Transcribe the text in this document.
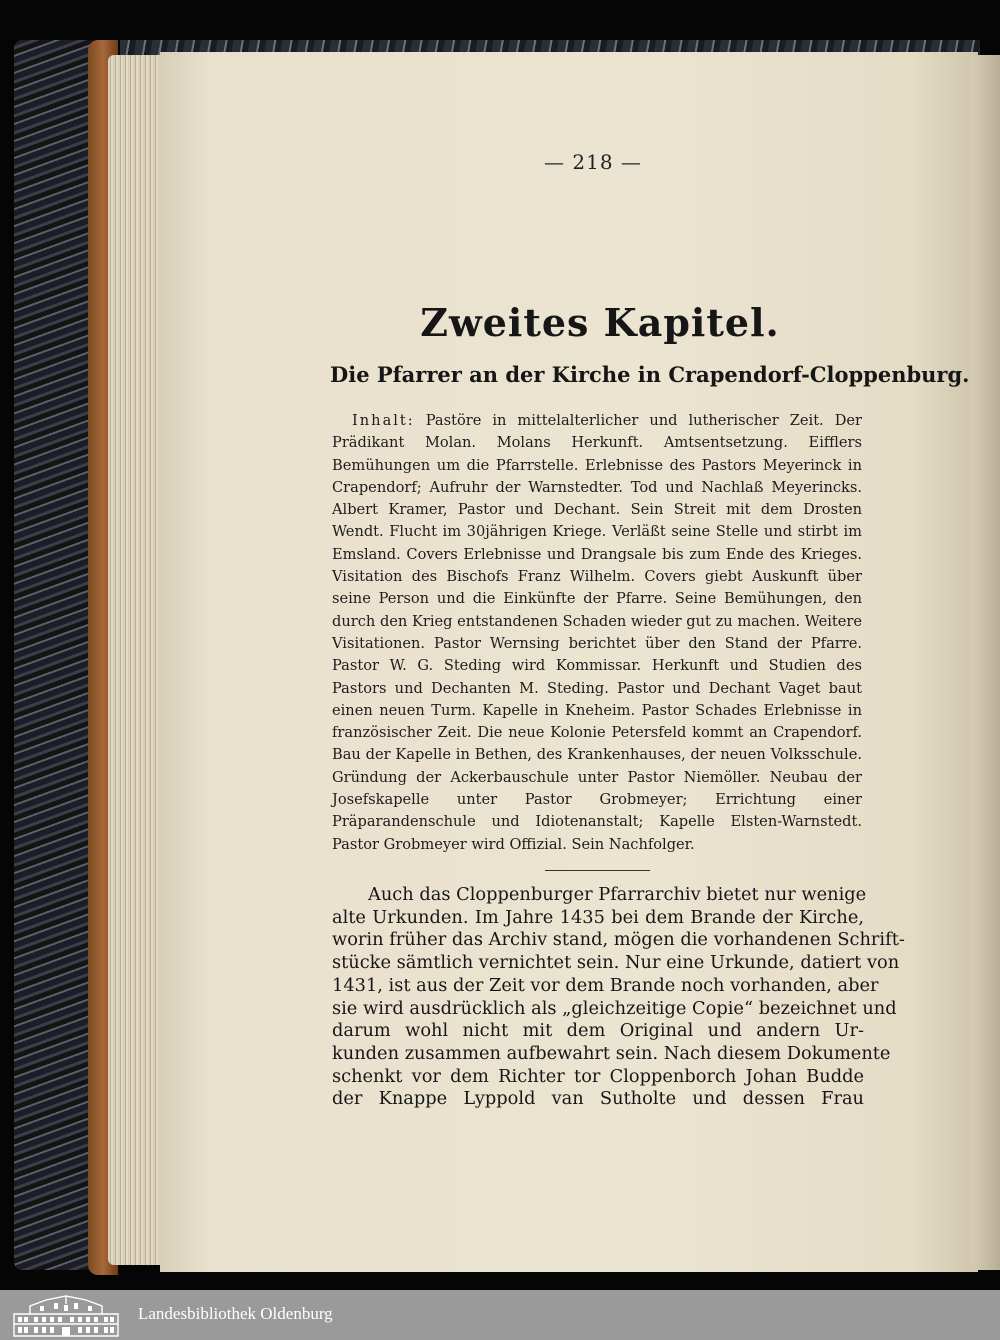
— 218 —
Zweites Kapitel.
Die Pfarrer an der Kirche in Crapendorf-Cloppenburg.
Inhalt: Pastöre in mittelalterlicher und lutherischer Zeit. Der Prädikant Molan. Molans Herkunft. Amtsentsetzung. Eifflers Bemühungen um die Pfarrstelle. Erlebnisse des Pastors Meyerinck in Crapendorf; Aufruhr der Warnstedter. Tod und Nachlaß Meyerincks. Albert Kramer, Pastor und Dechant. Sein Streit mit dem Drosten Wendt. Flucht im 30jährigen Kriege. Verläßt seine Stelle und stirbt im Emsland. Covers Erlebnisse und Drangsale bis zum Ende des Krieges. Visitation des Bischofs Franz Wilhelm. Covers giebt Auskunft über seine Person und die Einkünfte der Pfarre. Seine Bemühungen, den durch den Krieg entstandenen Schaden wieder gut zu machen. Weitere Visitationen. Pastor Wernsing berichtet über den Stand der Pfarre. Pastor W. G. Steding wird Kommissar. Herkunft und Studien des Pastors und Dechanten M. Steding. Pastor und Dechant Vaget baut einen neuen Turm. Kapelle in Kneheim. Pastor Schades Erlebnisse in französischer Zeit. Die neue Kolonie Petersfeld kommt an Crapendorf. Bau der Kapelle in Bethen, des Krankenhauses, der neuen Volksschule. Gründung der Ackerbauschule unter Pastor Niemöller. Neubau der Josefskapelle unter Pastor Grobmeyer; Errichtung einer Präparandenschule und Idiotenanstalt; Kapelle Elsten-Warnstedt. Pastor Grobmeyer wird Offizial. Sein Nachfolger.
Auch das Cloppenburger Pfarrarchiv bietet nur wenige
alte Urkunden. Im Jahre 1435 bei dem Brande der Kirche,
worin früher das Archiv stand, mögen die vorhandenen Schrift-
stücke sämtlich vernichtet sein. Nur eine Urkunde, datiert von
1431, ist aus der Zeit vor dem Brande noch vorhanden, aber
sie wird ausdrücklich als „gleichzeitige Copie“ bezeichnet und
darum wohl nicht mit dem Original und andern Ur-
kunden zusammen aufbewahrt sein. Nach diesem Dokumente
schenkt vor dem Richter tor Cloppenborch Johan Budde
der Knappe Lyppold van Sutholte und dessen Frau
Landesbibliothek Oldenburg
